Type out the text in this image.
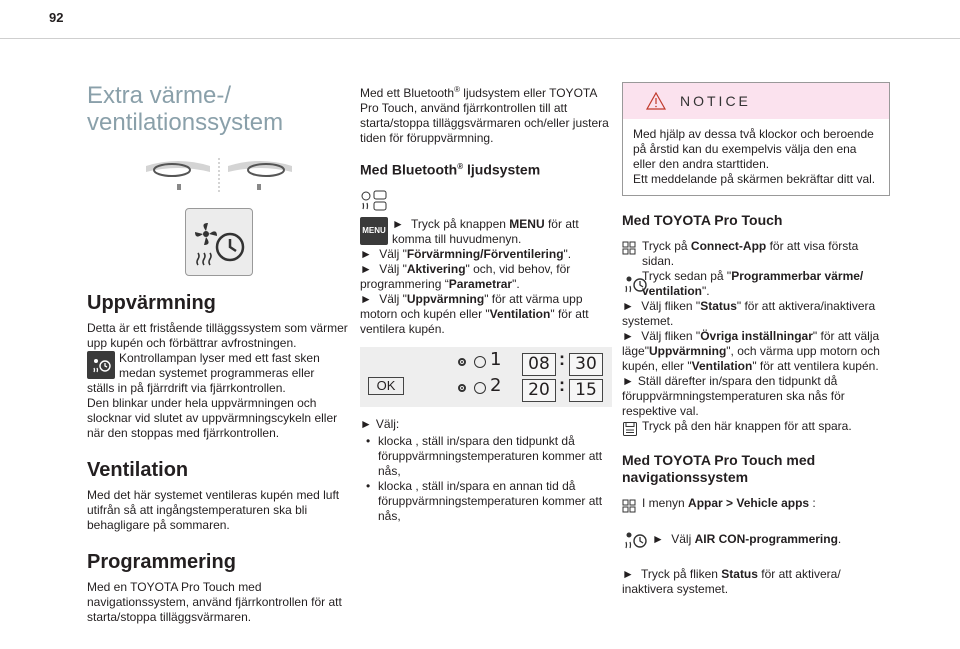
92
Extra värme-/
ventilationssystem
Uppvärmning

Detta är ett fristående tilläggssystem som värmer upp kupén och förbättrar avfrostningen.

Kontrollampan lyser med ett fast sken medan systemet programmeras eller

ställs in på fjärrdrift via fjärrkontrollen.

Den blinkar under hela uppvärmningen och slocknar vid slutet av uppvärmningscykeln eller när den stoppas med fjärrkontrollen.

Ventilation

Med det här systemet ventileras kupén med luft utifrån så att ingångstemperaturen ska bli behagligare på sommaren.

Programmering

Med en TOYOTA Pro Touch med navigationssystem, använd fjärrkontrollen för att starta/stoppa tilläggsvärmaren.

Med ett Bluetooth® ljudsystem eller TOYOTA Pro Touch, använd fjärrkontrollen till att starta/stoppa tilläggsvärmaren och/eller justera tiden för föruppvärmning.

Med Bluetooth® ljudsystem
MENU	► Tryck på knappen MENU för att komma till huvudmenyn.

► Välj "Förvärmning/Förventilering".

► Välj "Aktivering" och, vid behov, för programmering “Parametrar".

► Välj "Uppvärmning" för att värma upp motorn och kupén eller "Ventilation" för att ventilera kupén.

OK
1	08 : 30
2	20 : 15

► Välj:

• klocka , ställ in/spara den tidpunkt då föruppvärmningstemperaturen kommer att nås,
• klocka , ställ in/spara en annan tid då föruppvärmningstemperaturen kommer att nås,
NOTICE

Med hjälp av dessa två klockor och beroende på årstid kan du exempelvis välja den ena eller den andra starttiden.

Ett meddelande på skärmen bekräftar ditt val.

Med TOYOTA Pro Touch

Tryck på Connect-App för att visa första sidan.

Tryck sedan på "Programmerbar värme/ ventilation".

► Välj fliken "Status" för att aktivera/inaktivera systemet.

► Välj fliken "Övriga inställningar" för att välja läge"Uppvärmning", och värma upp motorn och kupén, eller "Ventilation" för att ventilera kupén.

► Ställ därefter in/spara den tidpunkt då föruppvärmningstemperaturen ska nås för respektive val.

Tryck på den här knappen för att spara.

Med TOYOTA Pro Touch med navigationssystem

I menyn Appar > Vehicle apps :

► Välj AIR CON-programmering.

► Tryck på fliken Status för att aktivera/ inaktivera systemet.
